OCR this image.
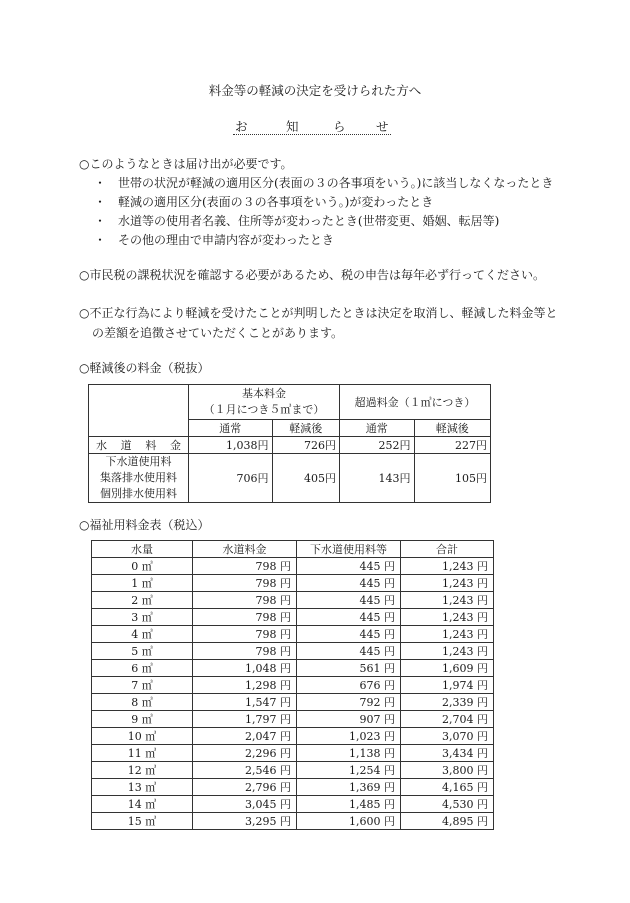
料金等の軽減の決定を受けられた方へ
お	知	ら せ
○このようなときは届け出が必要です。
・ 世帯の状況が軽減の適用区分(表面の３の各事項をいう。)に該当しなくなったとき
・ 軽減の適用区分(表面の３の各事項をいう。)が変わったとき
・ 水道等の使用者名義、住所等が変わったとき(世帯変更、婚姻、転居等)
・ その他の理由で申請内容が変わったとき
○市民税の課税状況を確認する必要があるため、税の申告は毎年必ず行ってください。
○不正な行為により軽減を受けたことが判明したときは決定を取消し、軽減した料金等と
の差額を追徴させていただくことがあります。
○軽減後の料金（税抜）

	基本料金
（１月につき５㎥まで）		超過料金（１㎥につき）	
	通常	軽減後	通常	軽減後

水 道 料 金	1,038円	726円	252円	227円

下水道使用料
集落排水使用料
個別排水使用料	706円	405円	143円	105円
○福祉用料金表（税込）
水量	水道料金	下水道使用料等	合計
0 ㎥	798 円	445 円	1,243 円
1 ㎥	798 円	445 円	1,243 円
2 ㎥	798 円	445 円	1,243 円
3 ㎥	798 円	445 円	1,243 円
4 ㎥	798 円	445 円	1,243 円
5 ㎥	798 円	445 円	1,243 円
6 ㎥	1,048 円	561 円	1,609 円
7 ㎥	1,298 円	676 円	1,974 円
8 ㎥	1,547 円	792 円	2,339 円
9 ㎥	1,797 円	907 円	2,704 円
10 ㎥	2,047 円	1,023 円	3,070 円
11 ㎥	2,296 円	1,138 円	3,434 円
12 ㎥	2,546 円	1,254 円	3,800 円
13 ㎥	2,796 円	1,369 円	4,165 円
14 ㎥	3,045 円	1,485 円	4,530 円
15 ㎥	3,295 円	1,600 円	4,895 円
